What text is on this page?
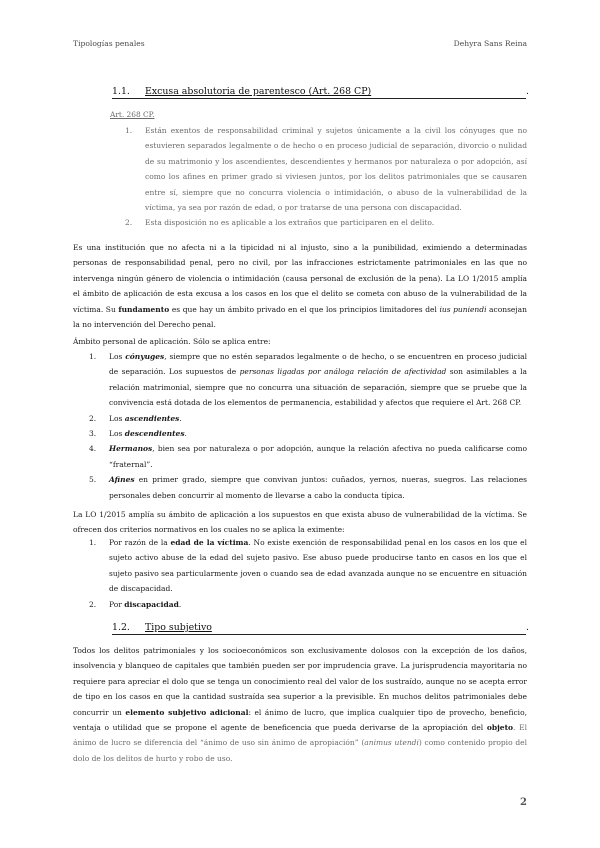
Tipologías penales	Dehyra Sans Reina
1.1. Excusa absolutoria de parentesco (Art. 268 CP)	.
Art. 268 CP.
1. Están exentos de responsabilidad criminal y sujetos únicamente a la civil los cónyuges que no estuvieren separados legalmente o de hecho o en proceso judicial de separación, divorcio o nulidad de su matrimonio y los ascendientes, descendientes y hermanos por naturaleza o por adopción, así como los afines en primer grado si viviesen juntos, por los delitos patrimoniales que se causaren entre sí, siempre que no concurra violencia o intimidación, o abuso de la vulnerabilidad de la víctima, ya sea por razón de edad, o por tratarse de una persona con discapacidad.
2. Esta disposición no es aplicable a los extraños que participaren en el delito.
Es una institución que no afecta ni a la tipicidad ni al injusto, sino a la punibilidad, eximiendo a determinadas personas de responsabilidad penal, pero no civil, por las infracciones estrictamente patrimoniales en las que no intervenga ningún género de violencia o intimidación (causa personal de exclusión de la pena). La LO 1/2015 amplía el ámbito de aplicación de esta excusa a los casos en los que el delito se cometa con abuso de la vulnerabilidad de la víctima. Su fundamento es que hay un ámbito privado en el que los principios limitadores del ius puniendi aconsejan la no intervención del Derecho penal.
Ámbito personal de aplicación. Sólo se aplica entre:
1. Los cónyuges, siempre que no estén separados legalmente o de hecho, o se encuentren en proceso judicial de separación. Los supuestos de personas ligadas por análoga relación de afectividad son asimilables a la relación matrimonial, siempre que no concurra una situación de separación, siempre que se pruebe que la convivencia está dotada de los elementos de permanencia, estabilidad y afectos que requiere el Art. 268 CP.
2. Los ascendientes.
3. Los descendientes.
4. Hermanos, bien sea por naturaleza o por adopción, aunque la relación afectiva no pueda calificarse como “fraternal”.
5. Afines en primer grado, siempre que convivan juntos: cuñados, yernos, nueras, suegros. Las relaciones personales deben concurrir al momento de llevarse a cabo la conducta típica.
La LO 1/2015 amplía su ámbito de aplicación a los supuestos en que exista abuso de vulnerabilidad de la víctima. Se ofrecen dos criterios normativos en los cuales no se aplica la eximente:
1. Por razón de la edad de la víctima. No existe exención de responsabilidad penal en los casos en los que el sujeto activo abuse de la edad del sujeto pasivo. Ese abuso puede producirse tanto en casos en los que el sujeto pasivo sea particularmente joven o cuando sea de edad avanzada aunque no se encuentre en situación de discapacidad.
2. Por discapacidad.
1.2. Tipo subjetivo	.
Todos los delitos patrimoniales y los socioeconómicos son exclusivamente dolosos con la excepción de los daños, insolvencia y blanqueo de capitales que también pueden ser por imprudencia grave. La jurisprudencia mayoritaria no requiere para apreciar el dolo que se tenga un conocimiento real del valor de los sustraído, aunque no se acepta error de tipo en los casos en que la cantidad sustraída sea superior a la previsible. En muchos delitos patrimoniales debe concurrir un elemento subjetivo adicional: el ánimo de lucro, que implica cualquier tipo de provecho, beneficio, ventaja o utilidad que se propone el agente de beneficencia que pueda derivarse de la apropiación del objeto. El ánimo de lucro se diferencia del “ánimo de uso sin ánimo de apropiación” (animus utendi) como contenido propio del dolo de los delitos de hurto y robo de uso.
2
